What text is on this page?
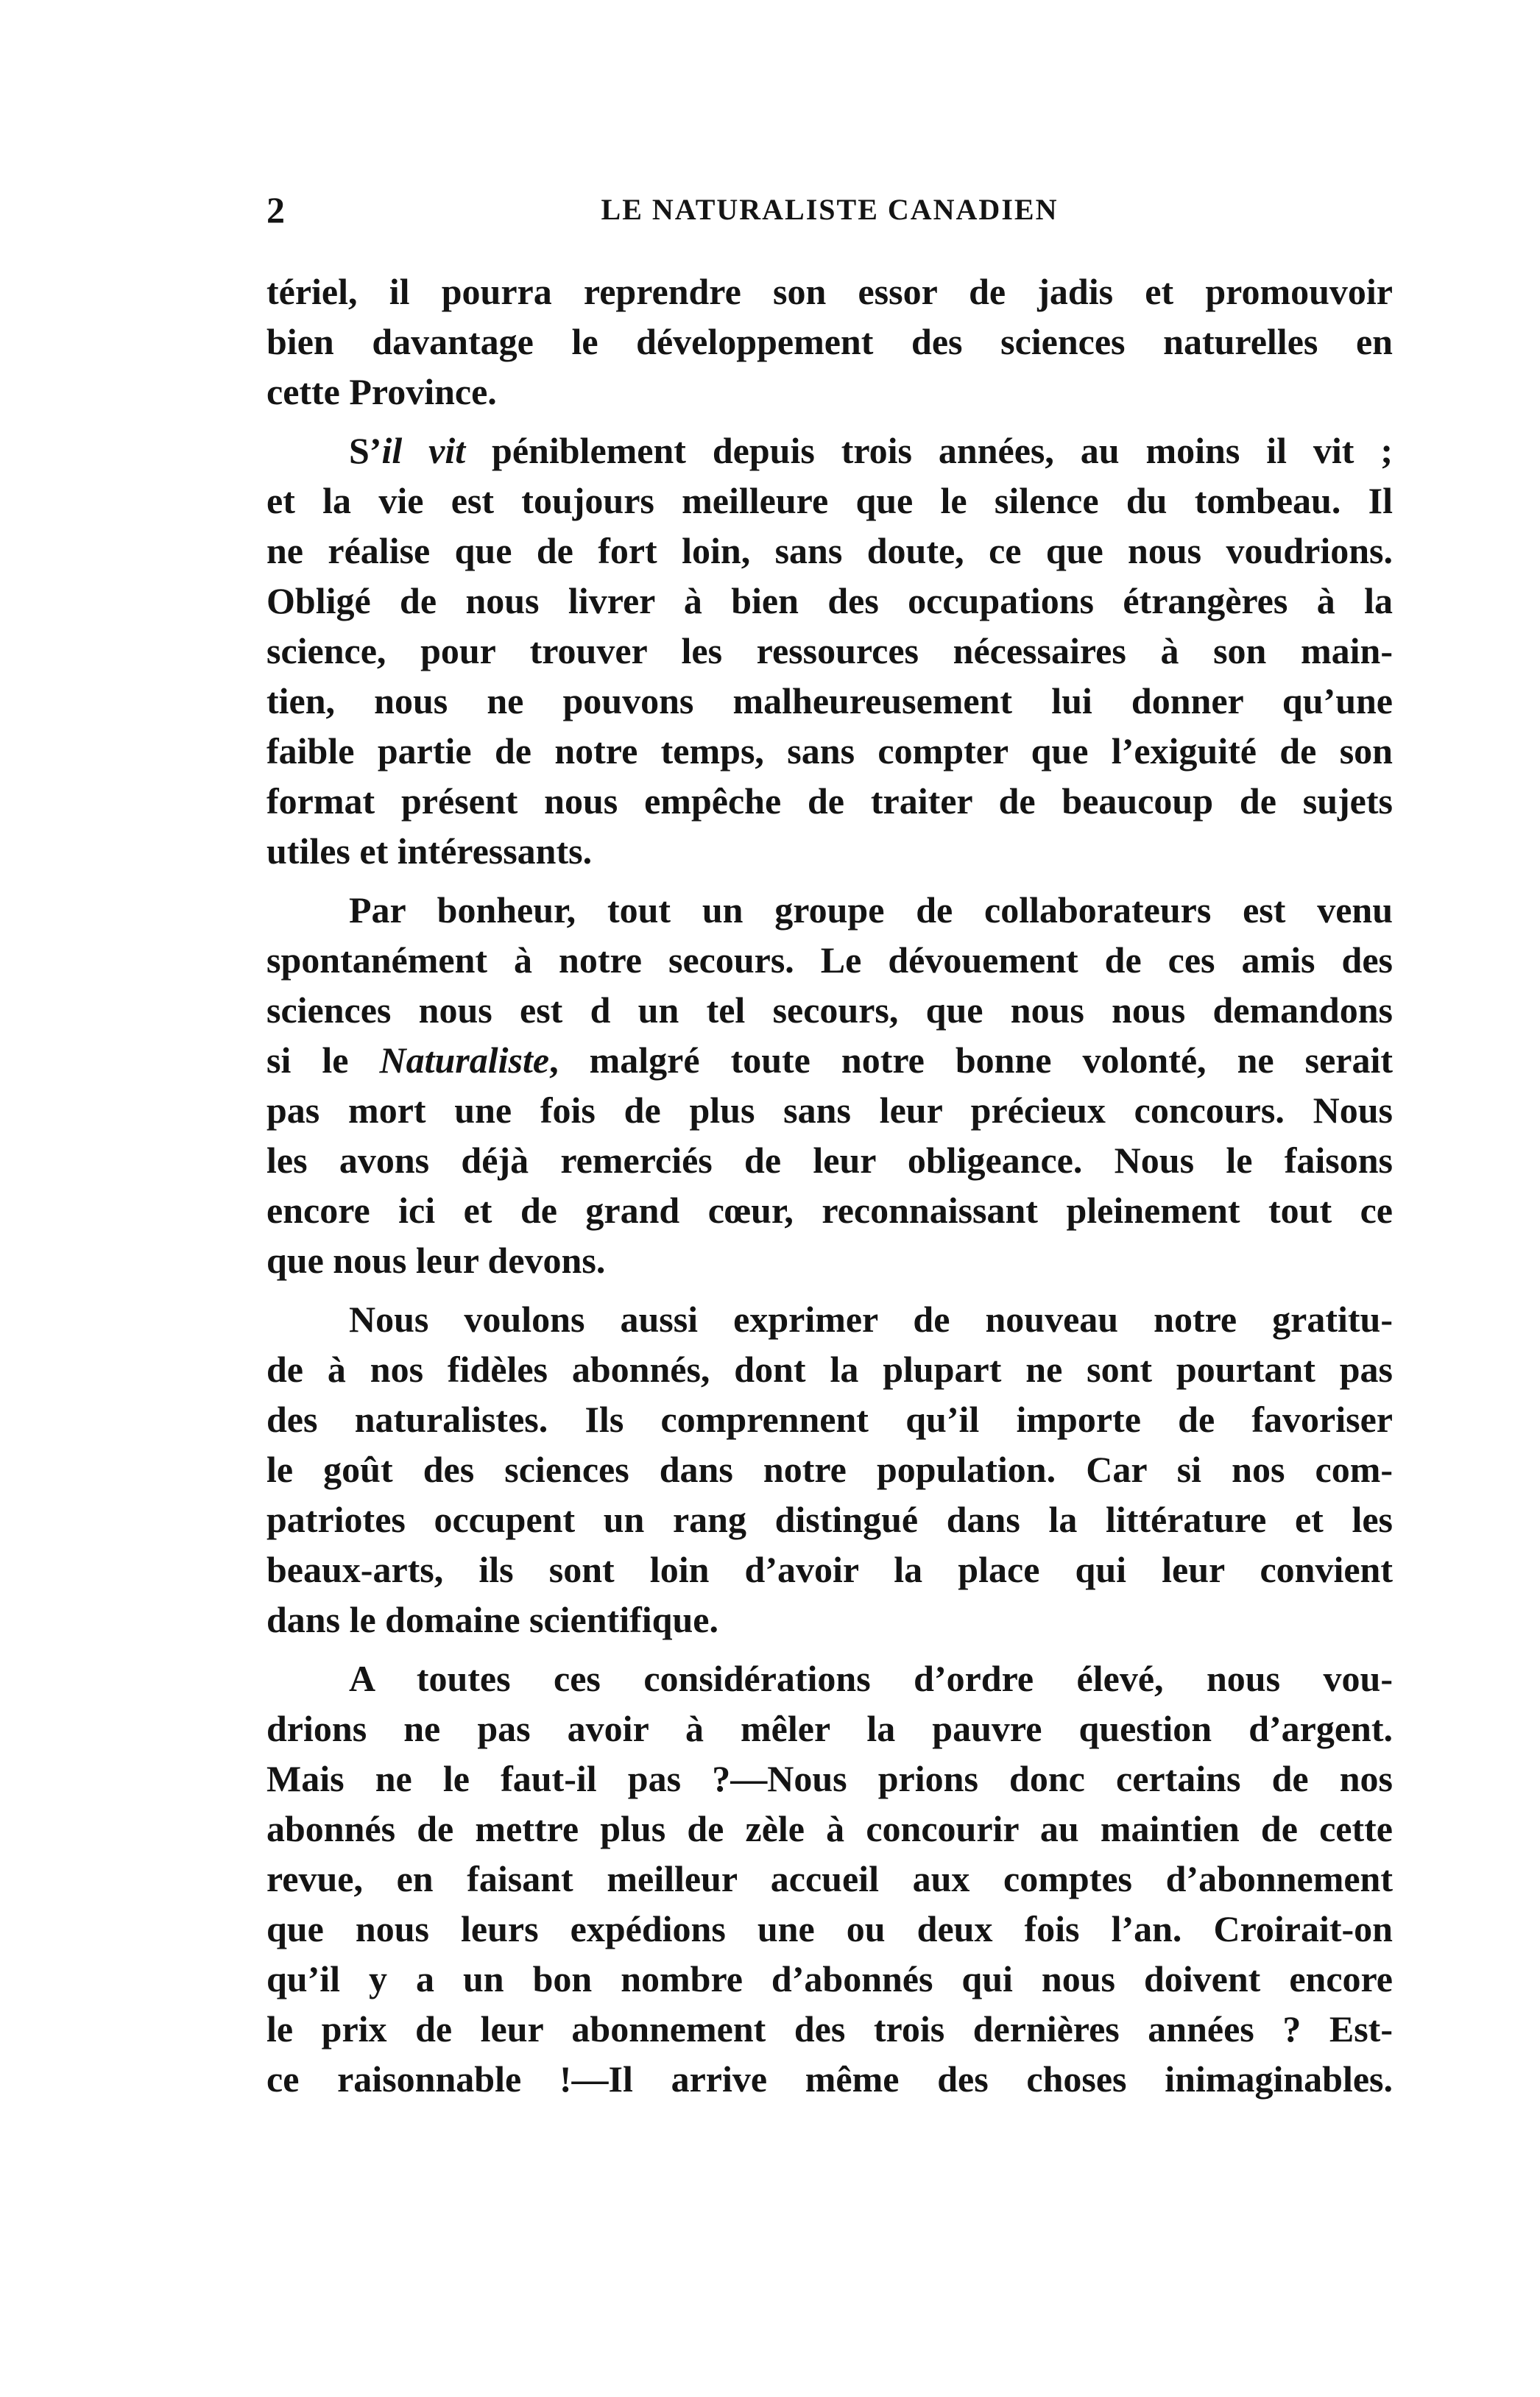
2	LE NATURALISTE CANADIEN

tériel, il pourra reprendre son essor de jadis et promouvoir
bien davantage le développement des sciences naturelles en
cette Province.

S’il vit péniblement depuis trois années, au moins il vit ;
et la vie est toujours meilleure que le silence du tombeau. Il
ne réalise que de fort loin, sans doute, ce que nous voudrions.
Obligé de nous livrer à bien des occupations étrangères à la
science, pour trouver les ressources nécessaires à son main-
tien, nous ne pouvons malheureusement lui donner qu’une
faible partie de notre temps, sans compter que l’exiguité de son
format présent nous empêche de traiter de beaucoup de sujets
utiles et intéressants.

Par bonheur, tout un groupe de collaborateurs est venu
spontanément à notre secours. Le dévouement de ces amis des
sciences nous est d un tel secours, que nous nous demandons
si le Naturaliste, malgré toute notre bonne volonté, ne serait
pas mort une fois de plus sans leur précieux concours. Nous
les avons déjà remerciés de leur obligeance. Nous le faisons
encore ici et de grand cœur, reconnaissant pleinement tout ce
que nous leur devons.

Nous voulons aussi exprimer de nouveau notre gratitu-
de à nos fidèles abonnés, dont la plupart ne sont pourtant pas
des naturalistes. Ils comprennent qu’il importe de favoriser
le goût des sciences dans notre population. Car si nos com-
patriotes occupent un rang distingué dans la littérature et les
beaux-arts, ils sont loin d’avoir la place qui leur convient
dans le domaine scientifique.

A toutes ces considérations d’ordre élevé, nous vou-
drions ne pas avoir à mêler la pauvre question d’argent.
Mais ne le faut-il pas ?—Nous prions donc certains de nos
abonnés de mettre plus de zèle à concourir au maintien de cette
revue, en faisant meilleur accueil aux comptes d’abonnement
que nous leurs expédions une ou deux fois l’an. Croirait-on
qu’il y a un bon nombre d’abonnés qui nous doivent encore
le prix de leur abonnement des trois dernières années ? Est-
ce raisonnable !—Il arrive même des choses inimaginables.
